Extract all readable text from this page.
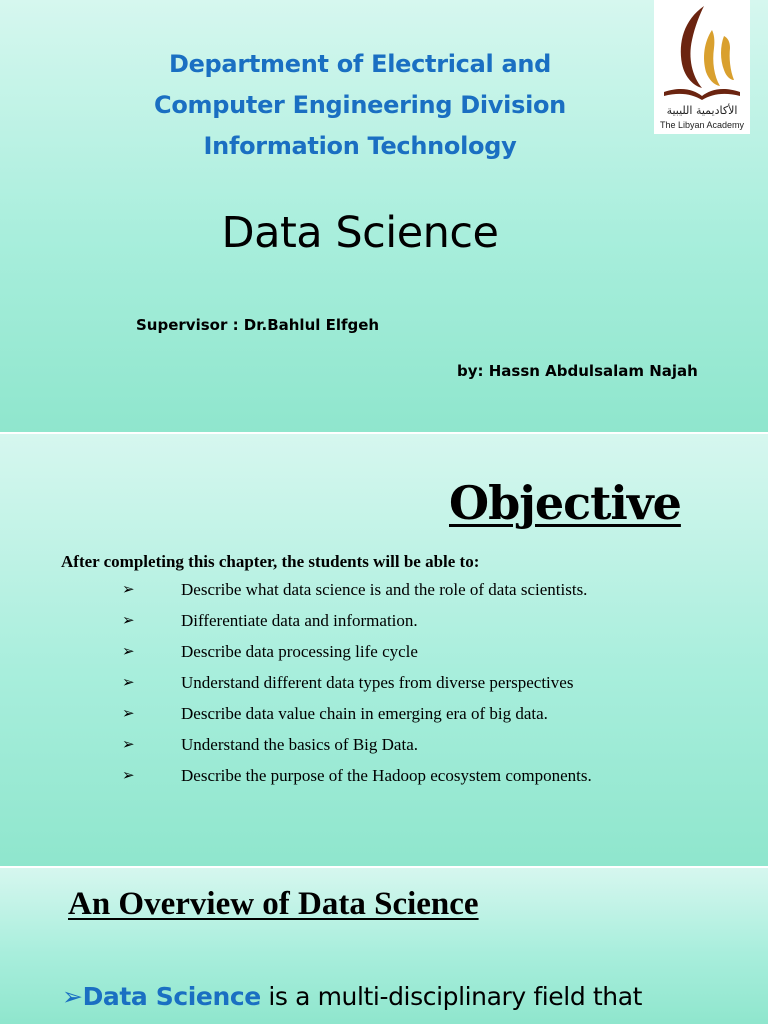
Department of Electrical and
Computer Engineering Division
Information Technology
الأكاديمية الليبية
The Libyan Academy
Data Science
Supervisor : Dr.Bahlul Elfgeh
by: Hassn Abdulsalam Najah
Objective
After completing this chapter, the students will be able to:
➢	Describe what data science is and the role of data scientists.
➢	Differentiate data and information.
➢	Describe data processing life cycle
➢	Understand different data types from diverse perspectives
➢	Describe data value chain in emerging era of big data.
➢	Understand the basics of Big Data.
➢	Describe the purpose of the Hadoop ecosystem components.
An Overview of Data Science
➢Data Science is a multi-disciplinary field that
